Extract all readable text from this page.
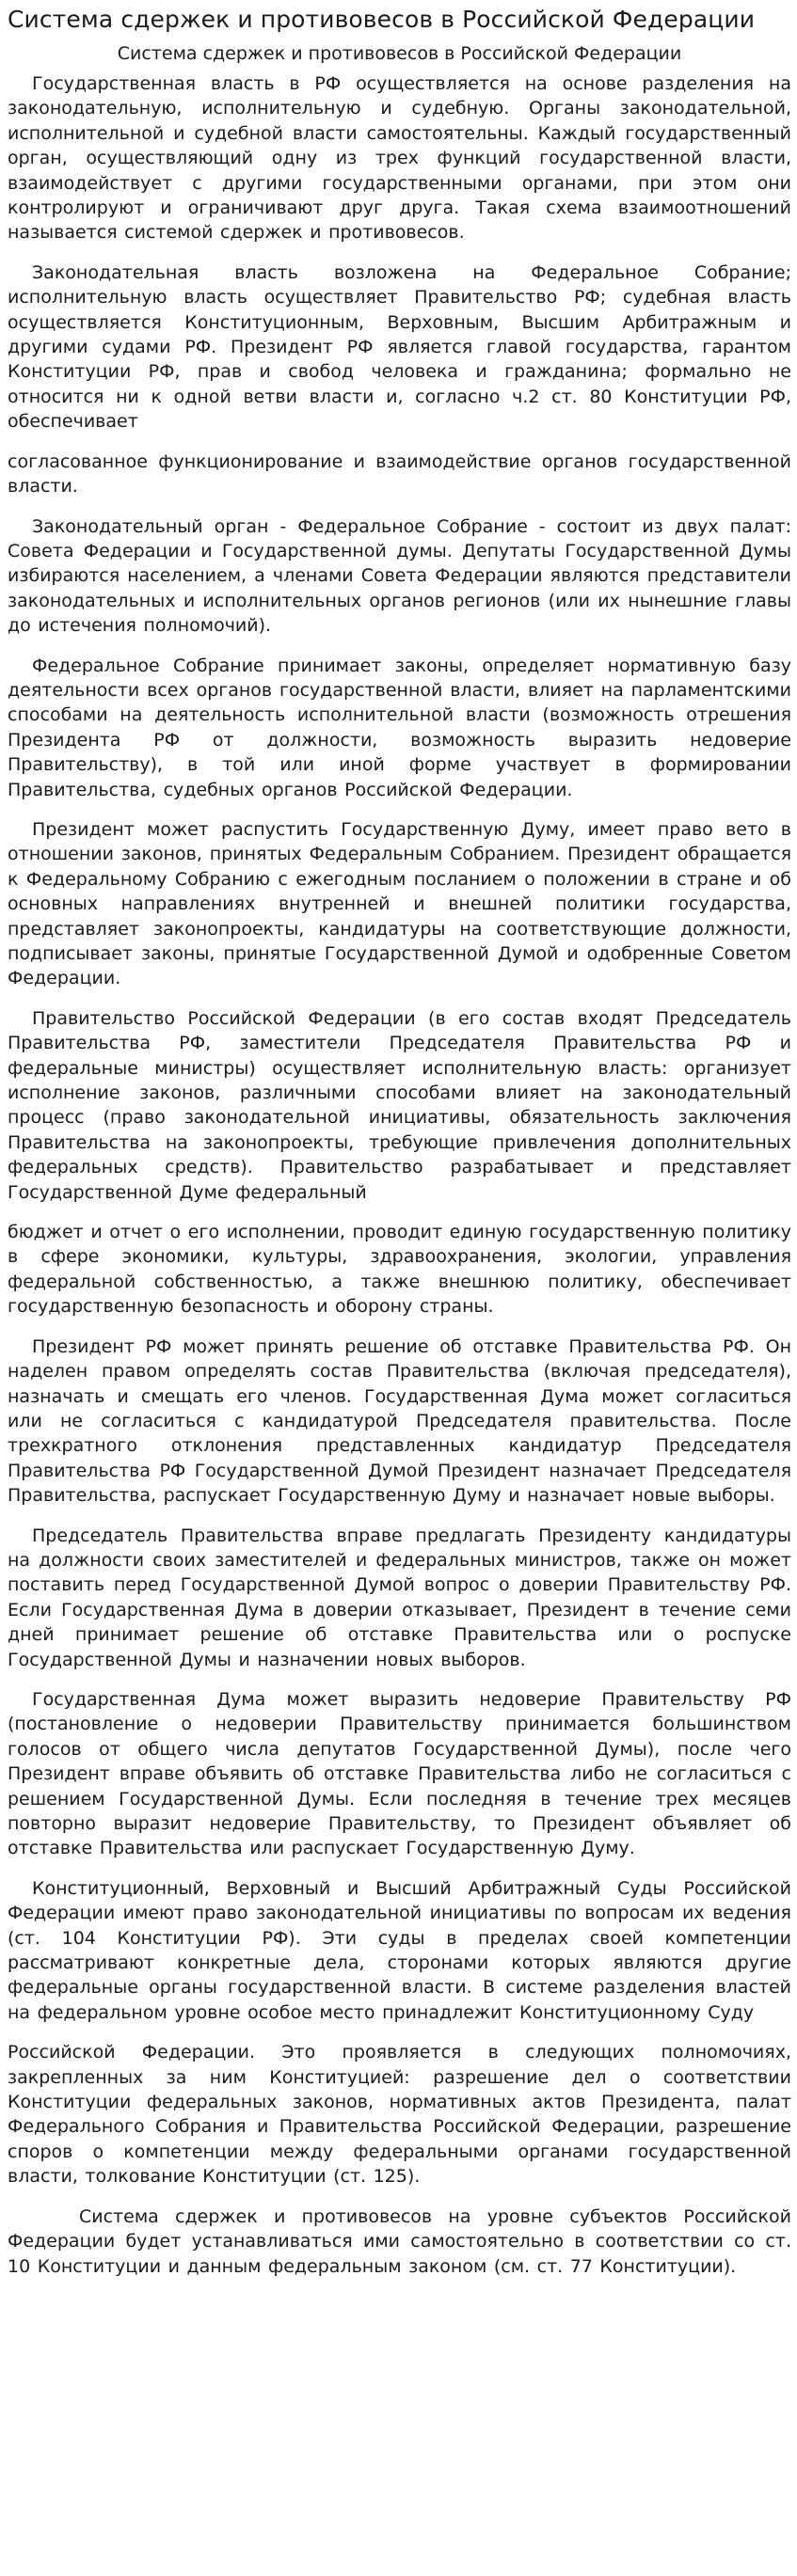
Система сдержек и противовесов в Российской Федерации
Система сдержек и противовесов в Российской Федерации

Государственная власть в РФ осуществляется на основе разделения на законодательную, исполнительную и судебную. Органы законодательной, исполнительной и судебной власти самостоятельны. Каждый государственный орган, осуществляющий одну из трех функций государственной власти, взаимодействует с другими государственными органами, при этом они контролируют и ограничивают друг друга. Такая схема взаимоотношений называется системой сдержек и противовесов.

Законодательная власть возложена на Федеральное Собрание; исполнительную власть осуществляет Правительство РФ; судебная власть осуществляется Конституционным, Верховным, Высшим Арбитражным и другими судами РФ. Президент РФ является главой государства, гарантом Конституции РФ, прав и свобод человека и гражданина; формально не относится ни к одной ветви власти и, согласно ч.2 ст. 80 Конституции РФ, обеспечивает

согласованное функционирование и взаимодействие органов государственной власти.

Законодательный орган - Федеральное Собрание - состоит из двух палат: Совета Федерации и Государственной думы. Депутаты Государственной Думы избираются населением, а членами Совета Федерации являются представители законодательных и исполнительных органов регионов (или их нынешние главы до истечения полномочий).

Федеральное Собрание принимает законы, определяет нормативную базу деятельности всех органов государственной власти, влияет на парламентскими способами на деятельность исполнительной власти (возможность отрешения Президента РФ от должности, возможность выразить недоверие Правительству), в той или иной форме участвует в формировании Правительства, судебных органов Российской Федерации.

Президент может распустить Государственную Думу, имеет право вето в отношении законов, принятых Федеральным Собранием. Президент обращается к Федеральному Собранию с ежегодным посланием о положении в стране и об основных направлениях внутренней и внешней политики государства, представляет законопроекты, кандидатуры на соответствующие должности, подписывает законы, принятые Государственной Думой и одобренные Советом Федерации.

Правительство Российской Федерации (в его состав входят Председатель Правительства РФ, заместители Председателя Правительства РФ и федеральные министры) осуществляет исполнительную власть: организует исполнение законов, различными способами влияет на законодательный процесс (право законодательной инициативы, обязательность заключения Правительства на законопроекты, требующие привлечения дополнительных федеральных средств). Правительство разрабатывает и представляет Государственной Думе федеральный

бюджет и отчет о его исполнении, проводит единую государственную политику в сфере экономики, культуры, здравоохранения, экологии, управления федеральной собственностью, а также внешнюю политику, обеспечивает государственную безопасность и оборону страны.

Президент РФ может принять решение об отставке Правительства РФ. Он наделен правом определять состав Правительства (включая председателя), назначать и смещать его членов. Государственная Дума может согласиться или не согласиться с кандидатурой Председателя правительства. После трехкратного отклонения представленных кандидатур Председателя Правительства РФ Государственной Думой Президент назначает Председателя Правительства, распускает Государственную Думу и назначает новые выборы.

Председатель Правительства вправе предлагать Президенту кандидатуры на должности своих заместителей и федеральных министров, также он может поставить перед Государственной Думой вопрос о доверии Правительству РФ. Если Государственная Дума в доверии отказывает, Президент в течение семи дней принимает решение об отставке Правительства или о роспуске Государственной Думы и назначении новых выборов.

Государственная Дума может выразить недоверие Правительству РФ (постановление о недоверии Правительству принимается большинством голосов от общего числа депутатов Государственной Думы), после чего Президент вправе объявить об отставке Правительства либо не согласиться с решением Государственной Думы. Если последняя в течение трех месяцев повторно выразит недоверие Правительству, то Президент объявляет об отставке Правительства или распускает Государственную Думу.

Конституционный, Верховный и Высший Арбитражный Суды Российской Федерации имеют право законодательной инициативы по вопросам их ведения (ст. 104 Конституции РФ). Эти суды в пределах своей компетенции рассматривают конкретные дела, сторонами которых являются другие федеральные органы государственной власти. В системе разделения властей на федеральном уровне особое место принадлежит Конституционному Суду

Российской Федерации. Это проявляется в следующих полномочиях, закрепленных за ним Конституцией: разрешение дел о соответствии Конституции федеральных законов, нормативных актов Президента, палат Федерального Собрания и Правительства Российской Федерации, разрешение споров о компетенции между федеральными органами государственной власти, толкование Конституции (ст. 125).

Система сдержек и противовесов на уровне субъектов Российской Федерации будет устанавливаться ими самостоятельно в соответствии со ст. 10 Конституции и данным федеральным законом (см. ст. 77 Конституции).
